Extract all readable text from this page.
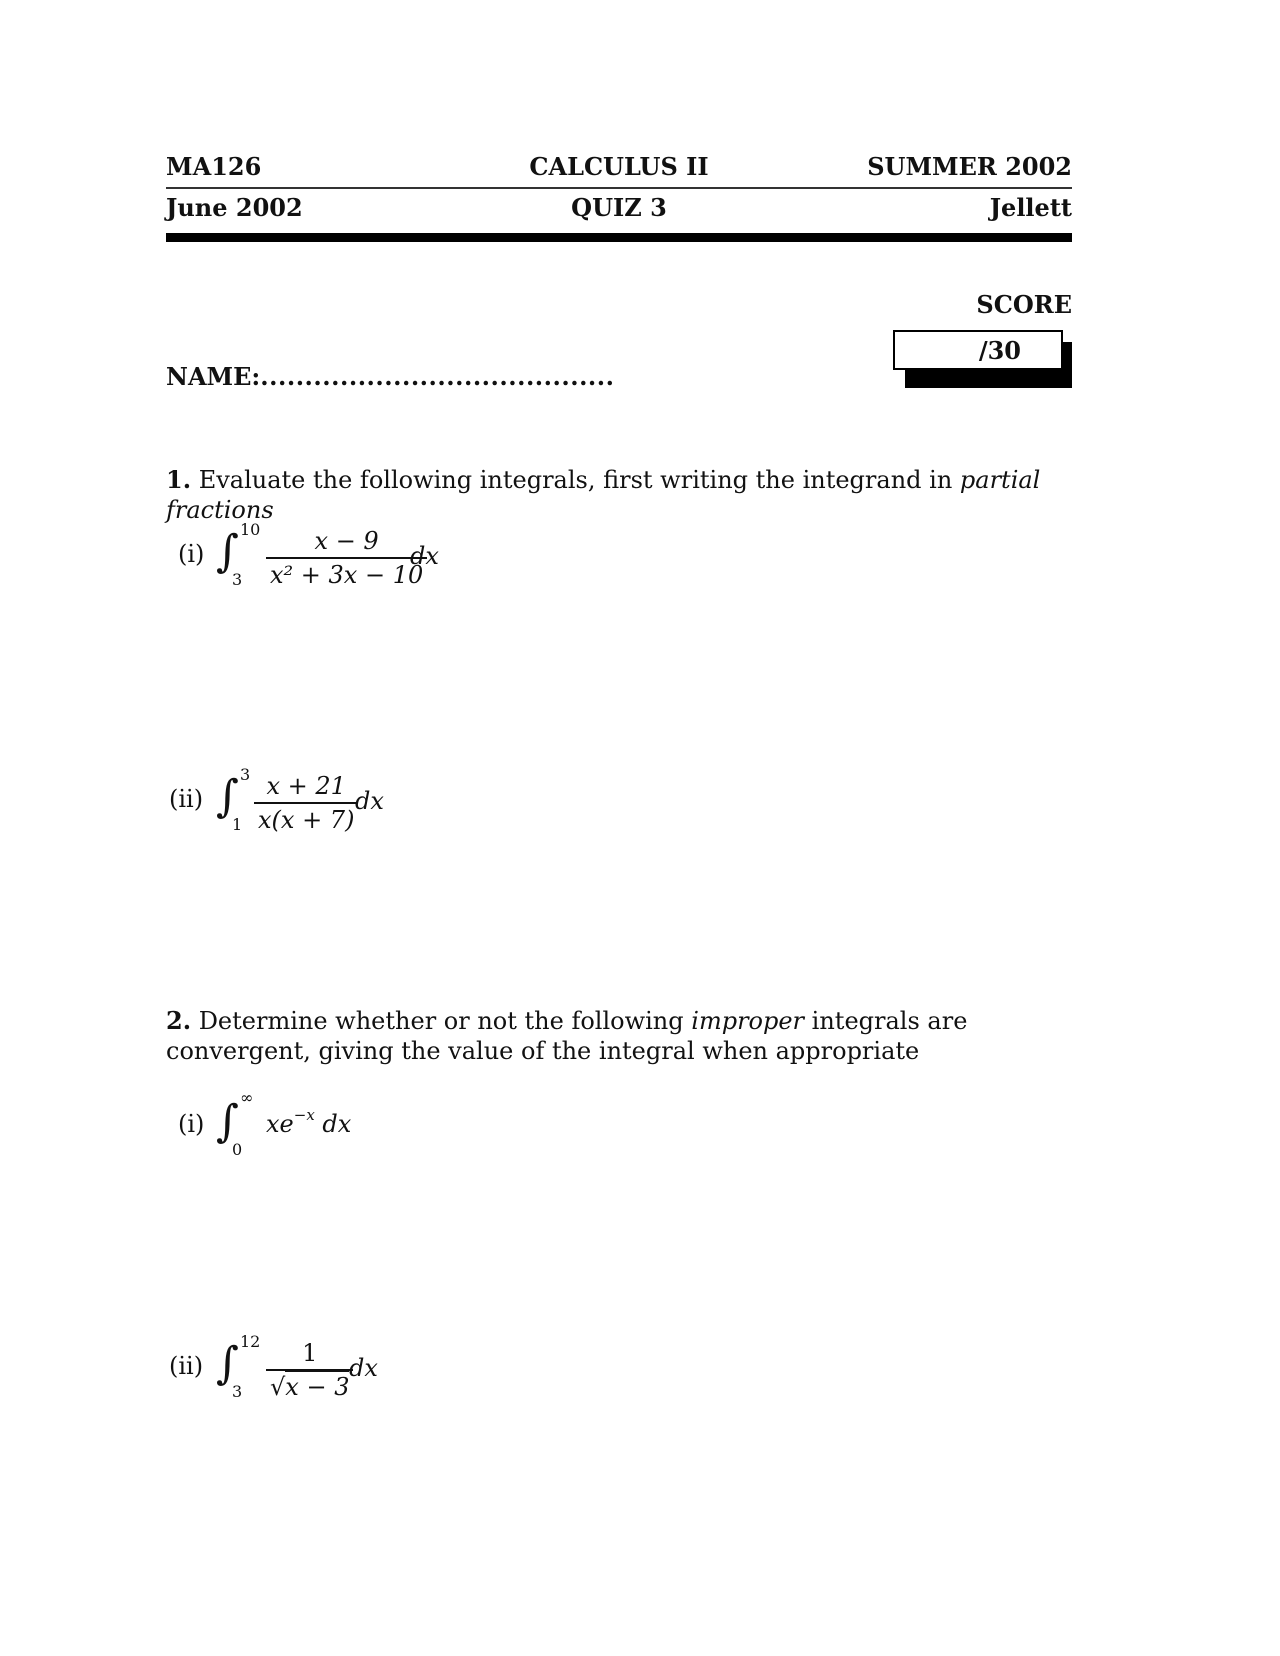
MA126	CALCULUS II	SUMMER 2002
June 2002	QUIZ 3	Jellett
SCORE
/30
NAME:........................................
1. Evaluate the following integrals, first writing the integrand in partial fractions
(i) ∫ 10
3
x − 9
x² + 3x − 10
dx
(ii) ∫ 3
1
x + 21
x(x + 7)
dx
2. Determine whether or not the following improper integrals are convergent, giving the value of the integral when appropriate
(i) ∫ ∞
0
$xe^{-x}$ dx
(ii) ∫ 12
3
1
√x − 3
dx
